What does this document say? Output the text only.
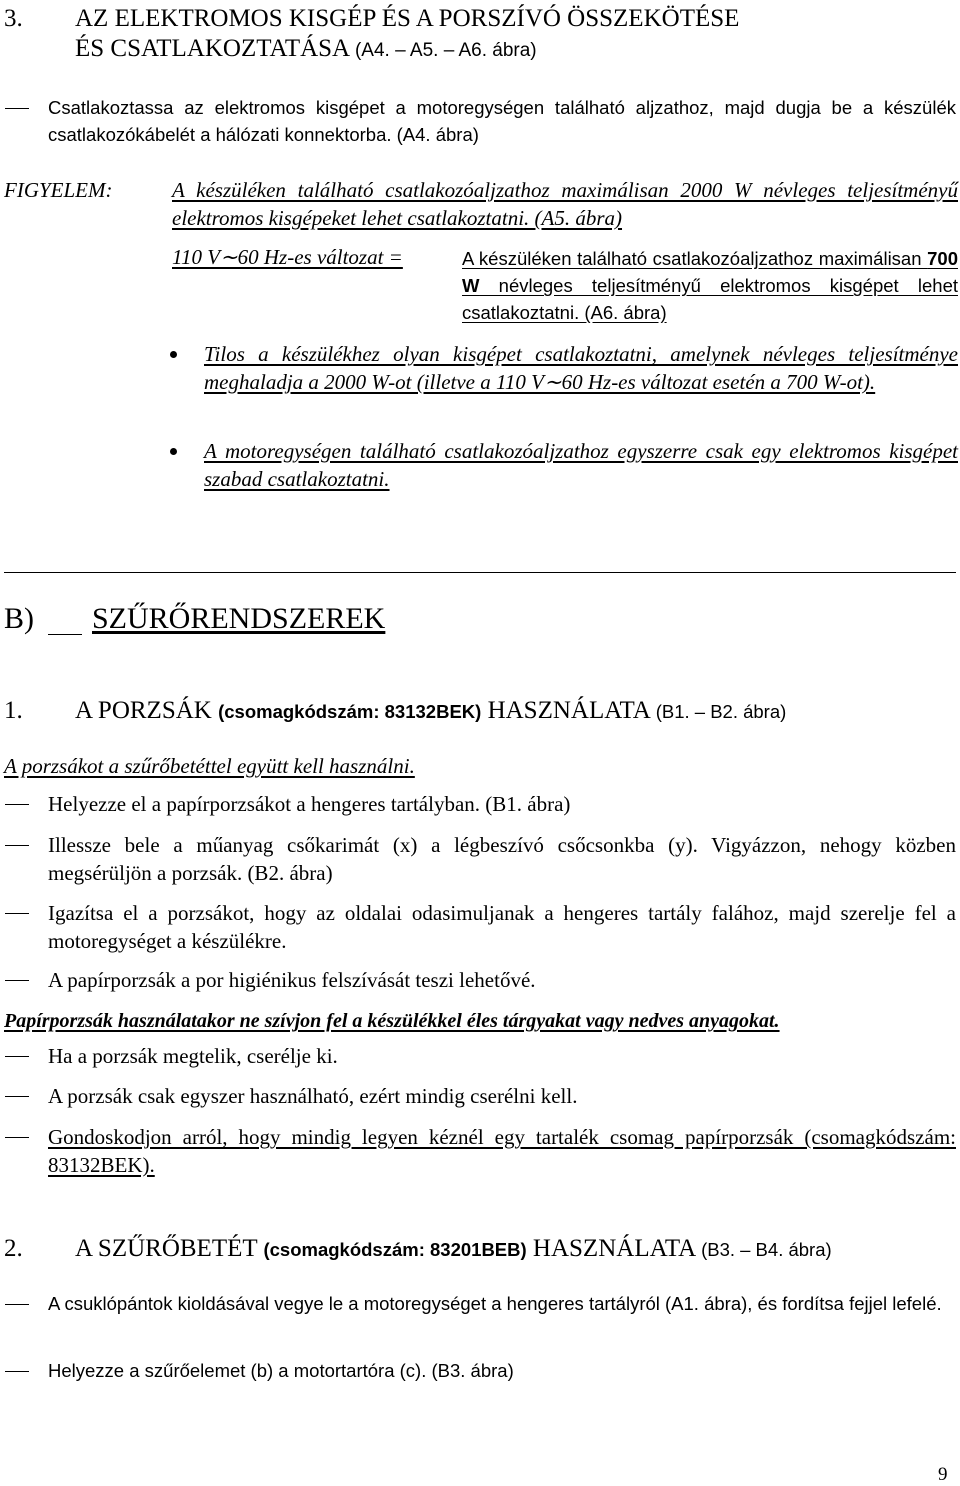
3. AZ ELEKTROMOS KISGÉP ÉS A PORSZÍVÓ ÖSSZEKÖTÉSE
ÉS CSATLAKOZTATÁSA (A4. – A5. – A6. ábra)
Csatlakoztassa az elektromos kisgépet a motoregységen található aljzathoz, majd dugja be a készülék csatlakozókábelét a hálózati konnektorba. (A4. ábra)
FIGYELEM:	A készüléken található csatlakozóaljzathoz maximálisan 2000 W névleges teljesítményű elektromos kisgépeket lehet csatlakoztatni. (A5. ábra)
110 V∼60 Hz-es változat =	A készüléken található csatlakozóaljzathoz maximálisan 700 W névleges teljesítményű elektromos kisgépet lehet csatlakoztatni. (A6. ábra)
Tilos a készülékhez olyan kisgépet csatlakoztatni, amelynek névleges teljesítménye meghaladja a 2000 W-ot (illetve a 110 V∼60 Hz-es változat esetén a 700 W-ot).
A motoregységen található csatlakozóaljzathoz egyszerre csak egy elektromos kisgépet szabad csatlakoztatni.
B) SZŰRŐRENDSZEREK
1. A PORZSÁK (csomagkódszám: 83132BEK) HASZNÁLATA (B1. – B2. ábra)
A porzsákot a szűrőbetéttel együtt kell használni.
Helyezze el a papírporzsákot a hengeres tartályban. (B1. ábra)
Illessze bele a műanyag csőkarimát (x) a légbeszívó csőcsonkba (y). Vigyázzon, nehogy közben megsérüljön a porzsák. (B2. ábra)
Igazítsa el a porzsákot, hogy az oldalai odasimuljanak a hengeres tartály falához, majd szerelje fel a motoregységet a készülékre.
A papírporzsák a por higiénikus felszívását teszi lehetővé.
Papírporzsák használatakor ne szívjon fel a készülékkel éles tárgyakat vagy nedves anyagokat.
Ha a porzsák megtelik, cserélje ki.
A porzsák csak egyszer használható, ezért mindig cserélni kell.
Gondoskodjon arról, hogy mindig legyen kéznél egy tartalék csomag papírporzsák (csomagkódszám: 83132BEK).
2. A SZŰRŐBETÉT (csomagkódszám: 83201BEB) HASZNÁLATA (B3. – B4. ábra)
A csuklópántok kioldásával vegye le a motoregységet a hengeres tartályról (A1. ábra), és fordítsa fejjel lefelé.
Helyezze a szűrőelemet (b) a motortartóra (c). (B3. ábra)
9
